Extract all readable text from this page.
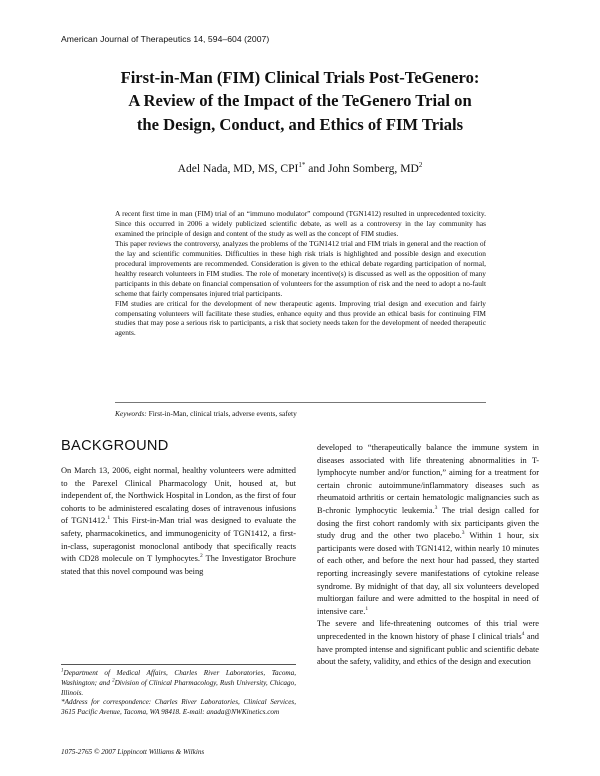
American Journal of Therapeutics 14, 594–604 (2007)
First-in-Man (FIM) Clinical Trials Post-TeGenero:
A Review of the Impact of the TeGenero Trial on
the Design, Conduct, and Ethics of FIM Trials
Adel Nada, MD, MS, $CPI^{1*}$ and John Somberg, $MD^2$

A recent first time in man (FIM) trial of an “immuno modulator” compound (TGN1412) resulted in unprecedented toxicity. Since this occurred in 2006 a widely publicized scientific debate, as well as a controversy in the lay community has examined the principle of design and content of the study as well as the concept of FIM studies.

This paper reviews the controversy, analyzes the problems of the TGN1412 trial and FIM trials in general and the reaction of the lay and scientific communities. Difficulties in these high risk trials is highlighted and possible design and execution procedural improvements are recommended. Consideration is given to the ethical debate regarding participation of normal, healthy research volunteers in FIM studies. The role of monetary incentive(s) is discussed as well as the opposition of many participants in this debate on financial compensation of volunteers for the assumption of risk and the need to adopt a no-fault scheme that fairly compensates injured trial participants.

FIM studies are critical for the development of new therapeutic agents. Improving trial design and execution and fairly compensating volunteers will facilitate these studies, enhance equity and thus provide an ethical basis for continuing FIM studies that may pose a serious risk to participants, a risk that society needs taken for the development of needed therapeutic agents.

Keywords: First-in-Man, clinical trials, adverse events, safety
BACKGROUND

On March 13, 2006, eight normal, healthy volunteers were admitted to the Parexel Clinical Pharmacology Unit, housed at, but independent of, the Northwick Hospital in London, as the first of four cohorts to be administered escalating doses of intravenous infusions of TGN1412.$^1$ This First-in-Man trial was designed to evaluate the safety, pharmacokinetics, and immunogenicity of TGN1412, a first-in-class, superagonist monoclonal antibody that specifically reacts with CD28 molecule on T lymphocytes.$^2$ The Investigator Brochure stated that this novel compound was being

developed to “therapeutically balance the immune system in diseases associated with life threatening abnormalities in T-lymphocyte number and/or function,” aiming for a treatment for certain chronic autoimmune/inflammatory diseases such as rheumatoid arthritis or certain hematologic malignancies such as B-chronic lymphocytic leukemia.$^3$ The trial design called for dosing the first cohort randomly with six participants given the study drug and the other two placebo.$^3$ Within 1 hour, six participants were dosed with TGN1412, within nearly 10 minutes of each other, and before the next hour had passed, they started reporting increasingly severe manifestations of cytokine release syndrome. By midnight of that day, all six volunteers developed multiorgan failure and were admitted to the hospital in need of intensive care.$^1$

The severe and life-threatening outcomes of this trial were unprecedented in the known history of phase I clinical trials$^4$ and have prompted intense and significant public and scientific debate about the safety, validity, and ethics of the design and execution

$^1$Department of Medical Affairs, Charles River Laboratories, Tacoma, Washington; and $^2$Division of Clinical Pharmacology, Rush University, Chicago, Illinois.

*Address for correspondence: Charles River Laboratories, Clinical Services, 3615 Pacific Avenue, Tacoma, WA 98418. E-mail: anada@NWKinetics.com

1075-2765 © 2007 Lippincott Williams & Wilkins
